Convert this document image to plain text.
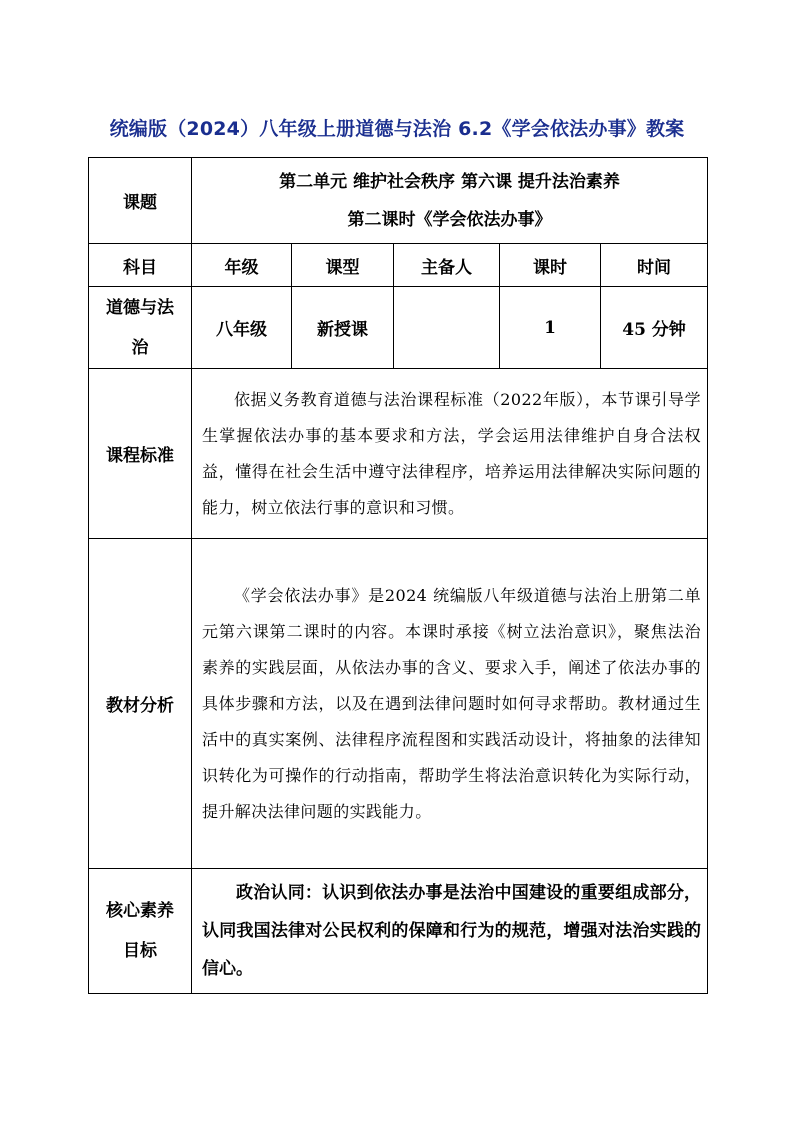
统编版（2024）八年级上册道德与法治 6.2《学会依法办事》教案
课题	第二单元 维护社会秩序 第六课 提升法治素养
第二课时《学会依法办事》				

科目	年级	课型	主备人	课时	时间

道德与法
治	八年级	新授课		1	45 分钟
课程标准	依据义务教育道德与法治课程标准（2022年版），本节课引导学生掌握依法办事的基本要求和方法，学会运用法律维护自身合法权益，懂得在社会生活中遵守法律程序，培养运用法律解决实际问题的能力，树立依法行事的意识和习惯。				

教材分析	《学会依法办事》是2024 统编版八年级道德与法治上册第二单元第六课第二课时的内容。本课时承接《树立法治意识》，聚焦法治素养的实践层面，从依法办事的含义、要求入手，阐述了依法办事的具体步骤和方法，以及在遇到法律问题时如何寻求帮助。教材通过生活中的真实案例、法律程序流程图和实践活动设计，将抽象的法律知识转化为可操作的行动指南，帮助学生将法治意识转化为实际行动，提升解决法律问题的实践能力。				

核心素养
目标	政治认同：认识到依法办事是法治中国建设的重要组成部分，认同我国法律对公民权利的保障和行为的规范，增强对法治实践的信心。				
